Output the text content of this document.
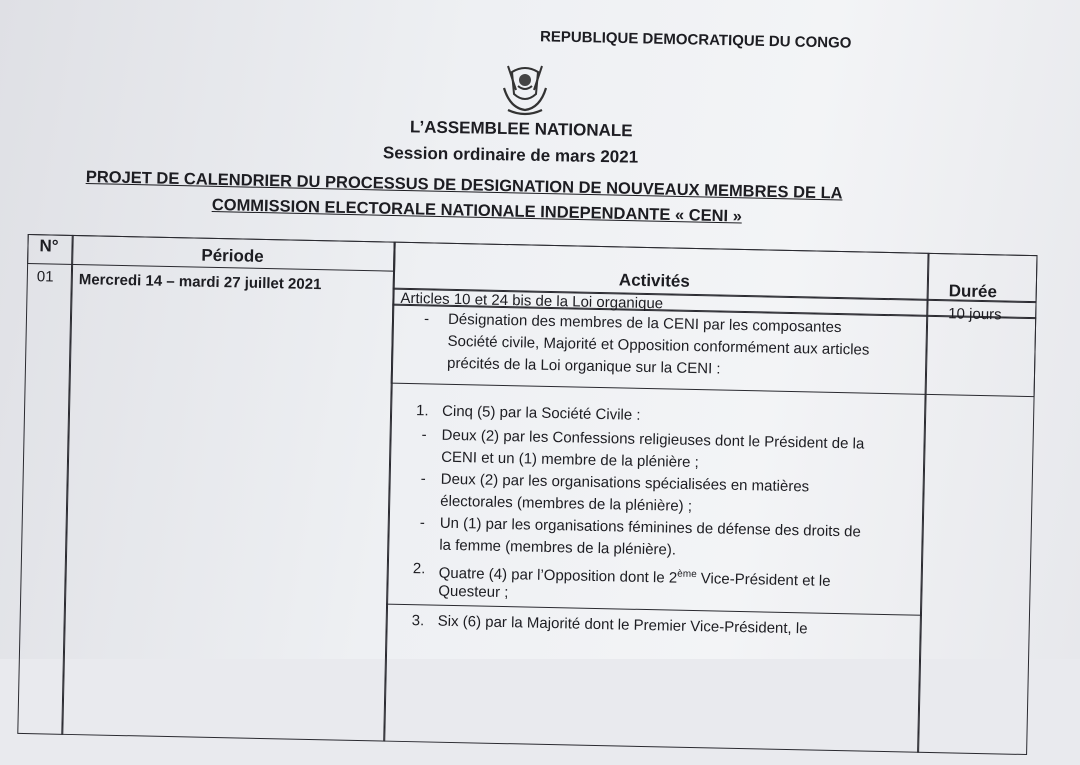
REPUBLIQUE DEMOCRATIQUE DU CONGO
L’ASSEMBLEE NATIONALE
Session ordinaire de mars 2021
PROJET DE CALENDRIER DU PROCESSUS DE DESIGNATION DE NOUVEAUX MEMBRES DE LA
COMMISSION ELECTORALE NATIONALE INDEPENDANTE « CENI »
N°	Période
Activités
Durée
01 Mercredi 14 – mardi 27 juillet 2021
Articles 10 et 24 bis de la Loi organique
10 jours
- Désignation des membres de la CENI par les composantes
Société civile, Majorité et Opposition conformément aux articles
précités de la Loi organique sur la CENI :
1. Cinq (5) par la Société Civile :
- Deux (2) par les Confessions religieuses dont le Président de la
CENI et un (1) membre de la plénière ;
- Deux (2) par les organisations spécialisées en matières
électorales (membres de la plénière) ;
- Un (1) par les organisations féminines de défense des droits de
la femme (membres de la plénière).
2. Quatre (4) par l’Opposition dont le 2ème Vice-Président et le
Questeur ;
3. Six (6) par la Majorité dont le Premier Vice-Président, le
